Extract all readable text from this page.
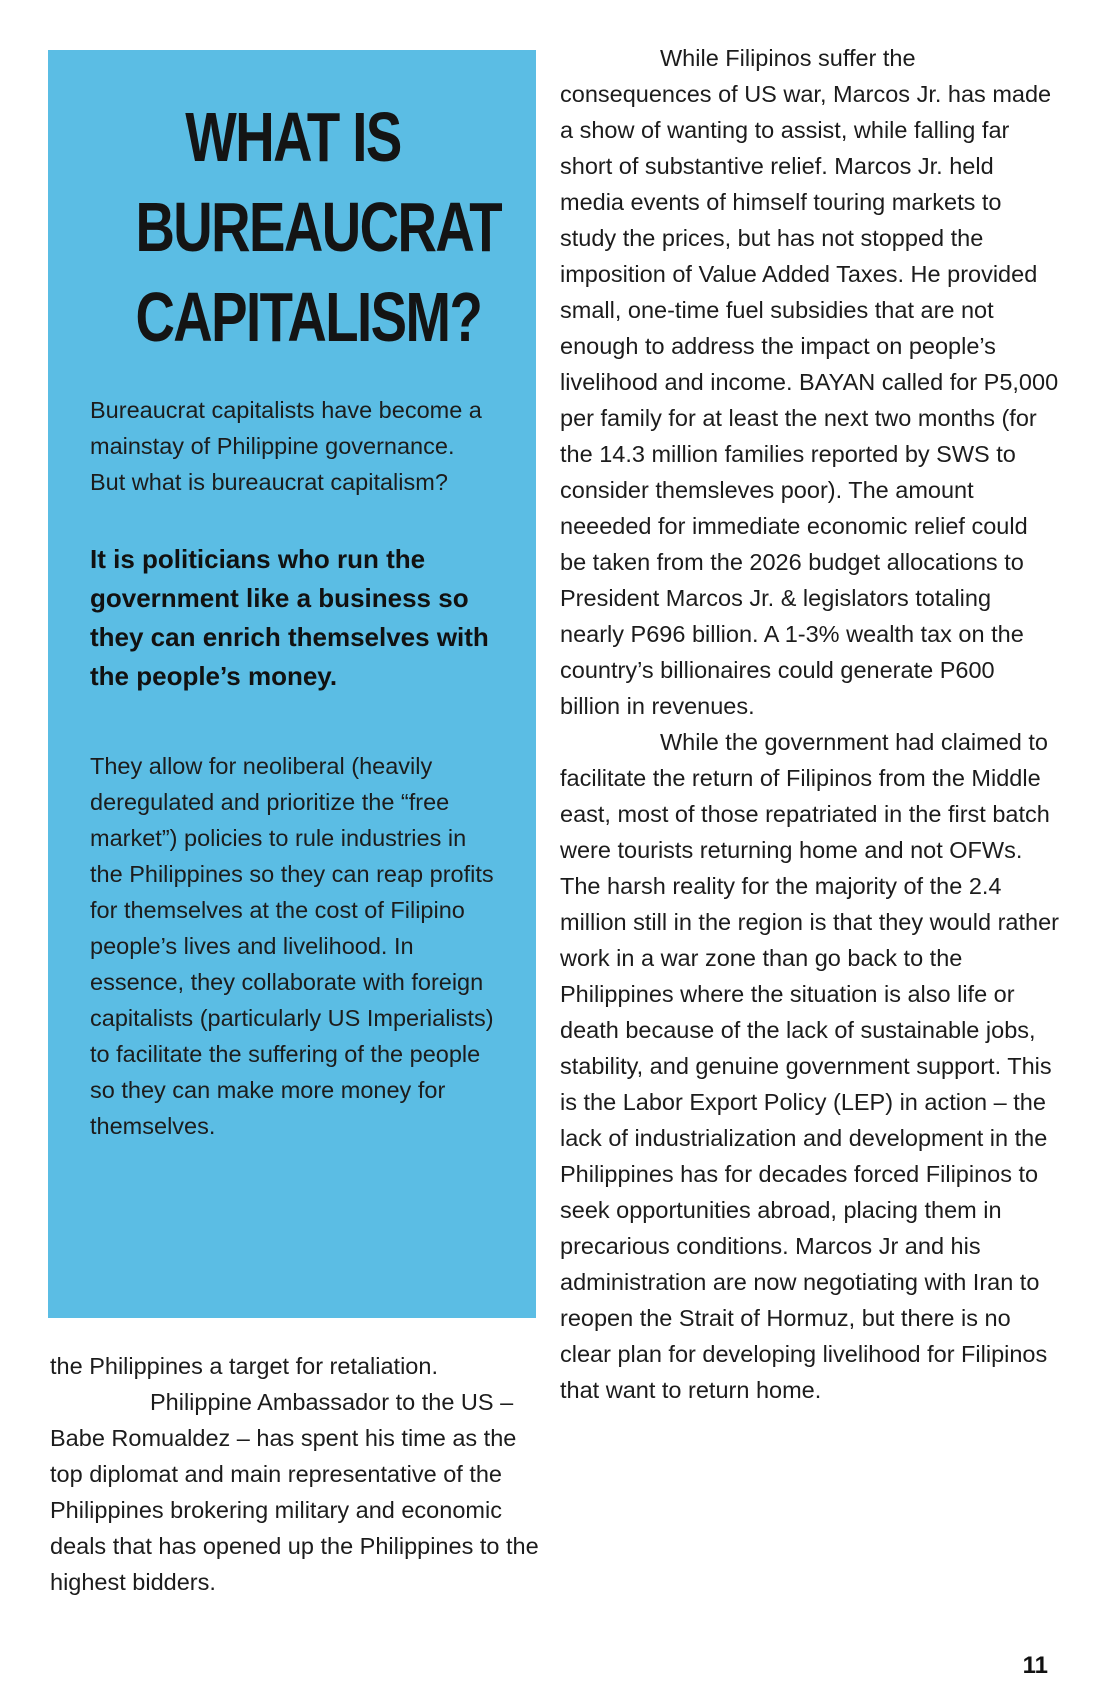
WHAT IS
BUREAUCRAT
CAPITALISM?

Bureaucrat capitalists have become a mainstay of Philippine governance. But what is bureaucrat capitalism?

It is politicians who run the government like a business so they can enrich themselves with the people’s money.

They allow for neoliberal (heavily deregulated and prioritize the “free market”) policies to rule industries in the Philippines so they can reap profits for themselves at the cost of Filipino people’s lives and livelihood. In essence, they collaborate with foreign capitalists (particularly US Imperialists) to facilitate the suffering of the people so they can make more money for themselves.

the Philippines a target for retaliation.

Philippine Ambassador to the US – Babe Romualdez – has spent his time as the top diplomat and main representative of the Philippines brokering military and economic deals that has opened up the Philippines to the highest bidders.

While Filipinos suffer the consequences of US war, Marcos Jr. has made a show of wanting to assist, while falling far short of substantive relief. Marcos Jr. held media events of himself touring markets to study the prices, but has not stopped the imposition of Value Added Taxes. He provided small, one-time fuel subsidies that are not enough to address the impact on people’s livelihood and income. BAYAN called for P5,000 per family for at least the next two months (for the 14.3 million families reported by SWS to consider themsleves poor). The amount neeeded for immediate economic relief could be taken from the 2026 budget allocations to President Marcos Jr. & legislators totaling nearly P696 billion. A 1-3% wealth tax on the country’s billionaires could generate P600 billion in revenues.

While the government had claimed to facilitate the return of Filipinos from the Middle east, most of those repatriated in the first batch were tourists returning home and not OFWs. The harsh reality for the majority of the 2.4 million still in the region is that they would rather work in a war zone than go back to the Philippines where the situation is also life or death because of the lack of sustainable jobs, stability, and genuine government support. This is the Labor Export Policy (LEP) in action – the lack of industrialization and development in the Philippines has for decades forced Filipinos to seek opportunities abroad, placing them in precarious conditions. Marcos Jr and his administration are now negotiating with Iran to reopen the Strait of Hormuz, but there is no clear plan for developing livelihood for Filipinos that want to return home.

11
